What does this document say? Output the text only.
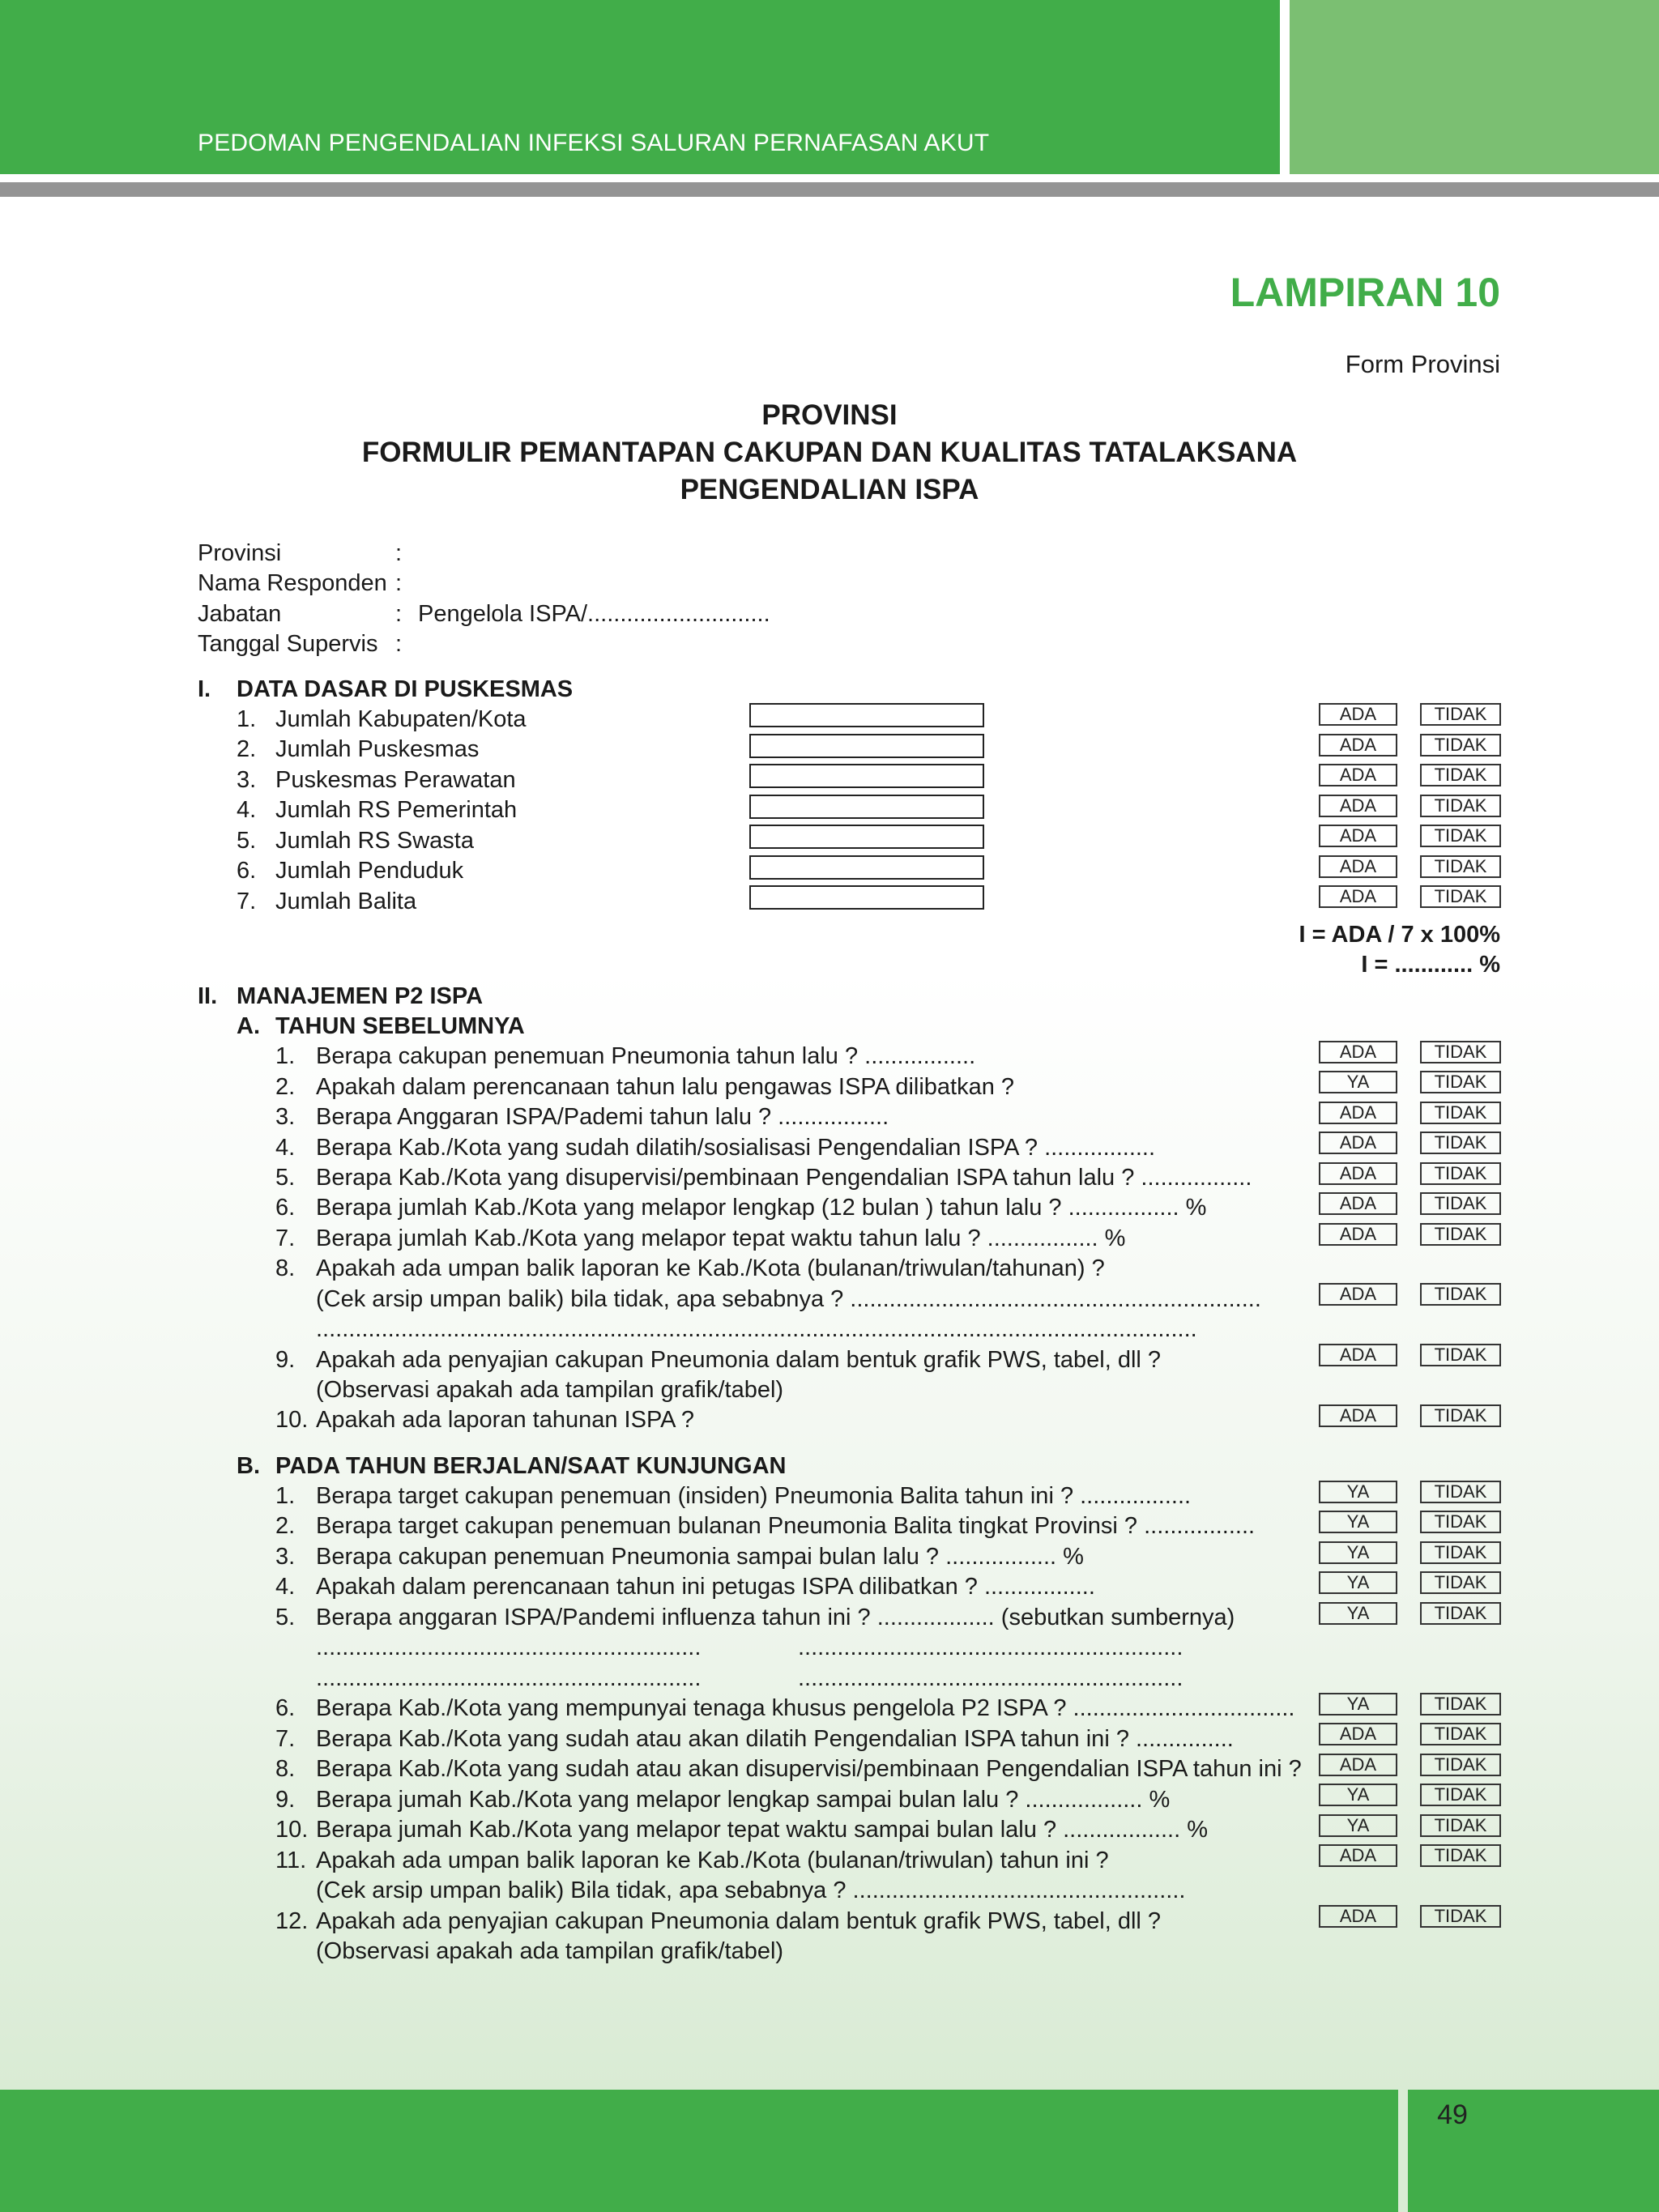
PEDOMAN PENGENDALIAN INFEKSI SALURAN PERNAFASAN AKUT
LAMPIRAN 10
Form Provinsi
PROVINSI
FORMULIR PEMANTAPAN CAKUPAN DAN KUALITAS TATALAKSANA
PENGENDALIAN ISPA
Provinsi	:
Nama Responden :
Jabatan	: Pengelola ISPA/............................
Tanggal Supervis :
I. DATA DASAR DI PUSKESMAS
1. Jumlah Kabupaten/Kota	ADA	TIDAK
2. Jumlah Puskesmas	ADA	TIDAK
3. Puskesmas Perawatan	ADA	TIDAK
4. Jumlah RS Pemerintah	ADA	TIDAK
5. Jumlah RS Swasta	ADA	TIDAK
6. Jumlah Penduduk	ADA	TIDAK
7. Jumlah Balita	ADA	TIDAK
I = ADA / 7 x 100%
I = ............ %
II. MANAJEMEN P2 ISPA
A. TAHUN SEBELUMNYA
1. Berapa cakupan penemuan Pneumonia tahun lalu ? .................	ADA	TIDAK
2. Apakah dalam perencanaan tahun lalu pengawas ISPA dilibatkan ?	YA	TIDAK
3. Berapa Anggaran ISPA/Pademi tahun lalu ? .................	ADA	TIDAK
4. Berapa Kab./Kota yang sudah dilatih/sosialisasi Pengendalian ISPA ? .................	ADA	TIDAK
5. Berapa Kab./Kota yang disupervisi/pembinaan Pengendalian ISPA tahun lalu ? .................	ADA	TIDAK
6. Berapa jumlah Kab./Kota yang melapor lengkap (12 bulan ) tahun lalu ? ................. %	ADA	TIDAK
7. Berapa jumlah Kab./Kota yang melapor tepat waktu tahun lalu ? ................. %	ADA	TIDAK
8. Apakah ada umpan balik laporan ke Kab./Kota (bulanan/triwulan/tahunan) ?
(Cek arsip umpan balik) bila tidak, apa sebabnya ? ...............................................................
.......................................................................................................................................
ADA	TIDAK
9. Apakah ada penyajian cakupan Pneumonia dalam bentuk grafik PWS, tabel, dll ?
(Observasi apakah ada tampilan grafik/tabel)
ADA	TIDAK
10. Apakah ada laporan tahunan ISPA ?	ADA	TIDAK
B. PADA TAHUN BERJALAN/SAAT KUNJUNGAN
1. Berapa target cakupan penemuan (insiden) Pneumonia Balita tahun ini ? .................	YA	TIDAK
2. Berapa target cakupan penemuan bulanan Pneumonia Balita tingkat Provinsi ? .................	YA	TIDAK
3. Berapa cakupan penemuan Pneumonia sampai bulan lalu ? ................. %	YA	TIDAK
4. Apakah dalam perencanaan tahun ini petugas ISPA dilibatkan ? .................	YA	TIDAK
5. Berapa anggaran ISPA/Pandemi influenza tahun ini ? .................. (sebutkan sumbernya)	YA	TIDAK
...........................................................	...........................................................
...........................................................	...........................................................
6. Berapa Kab./Kota yang mempunyai tenaga khusus pengelola P2 ISPA ? ..................................	YA	TIDAK
7. Berapa Kab./Kota yang sudah atau akan dilatih Pengendalian ISPA tahun ini ? ...............	ADA	TIDAK
8. Berapa Kab./Kota yang sudah atau akan disupervisi/pembinaan Pengendalian ISPA tahun ini ?	ADA	TIDAK
9. Berapa jumah Kab./Kota yang melapor lengkap sampai bulan lalu ? .................. %	YA	TIDAK
10. Berapa jumah Kab./Kota yang melapor tepat waktu sampai bulan lalu ? .................. %	YA	TIDAK
11. Apakah ada umpan balik laporan ke Kab./Kota (bulanan/triwulan) tahun ini ?
(Cek arsip umpan balik) Bila tidak, apa sebabnya ? ...................................................
ADA	TIDAK
12. Apakah ada penyajian cakupan Pneumonia dalam bentuk grafik PWS, tabel, dll ?
(Observasi apakah ada tampilan grafik/tabel)
ADA	TIDAK
49
